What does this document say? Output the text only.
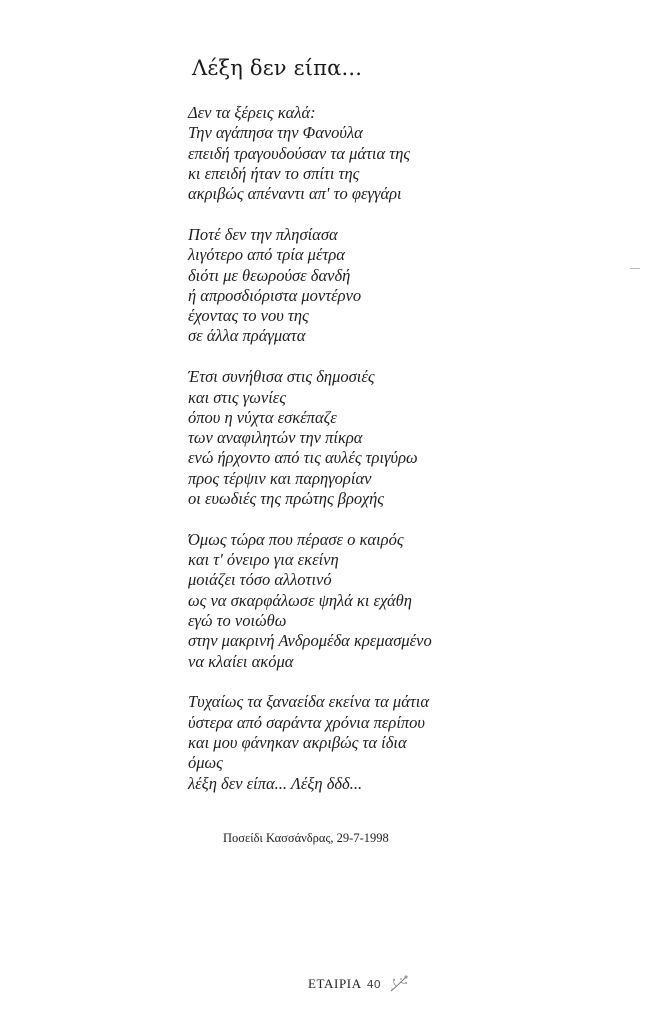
Λέξη δεν είπα...
Δεν τα ξέρεις καλά:
Την αγάπησα την Φανούλα
επειδή τραγουδούσαν τα μάτια της
κι επειδή ήταν το σπίτι της
ακριβώς απέναντι απ' το φεγγάρι
Ποτέ δεν την πλησίασα
λιγότερο από τρία μέτρα
διότι με θεωρούσε δανδή
ή απροσδιόριστα μοντέρνο
έχοντας το νου της
σε άλλα πράγματα
Έτσι συνήθισα στις δημοσιές
και στις γωνίες
όπου η νύχτα εσκέπαζε
των αναφιλητών την πίκρα
ενώ ήρχοντο από τις αυλές τριγύρω
προς τέρψιν και παρηγορίαν
οι ευωδιές της πρώτης βροχής
Όμως τώρα που πέρασε ο καιρός
και τ' όνειρο για εκείνη
μοιάζει τόσο αλλοτινό
ως να σκαρφάλωσε ψηλά κι εχάθη
εγώ το νοιώθω
στην μακρινή Ανδρομέδα κρεμασμένο
να κλαίει ακόμα
Τυχαίως τα ξαναείδα εκείνα τα μάτια
ύστερα από σαράντα χρόνια περίπου
και μου φάνηκαν ακριβώς τα ίδια
όμως
λέξη δεν είπα... Λέξη δδδ...
Ποσείδι Κασσάνδρας, 29-7-1998
ΕΤΑΙΡΙΑ 40
